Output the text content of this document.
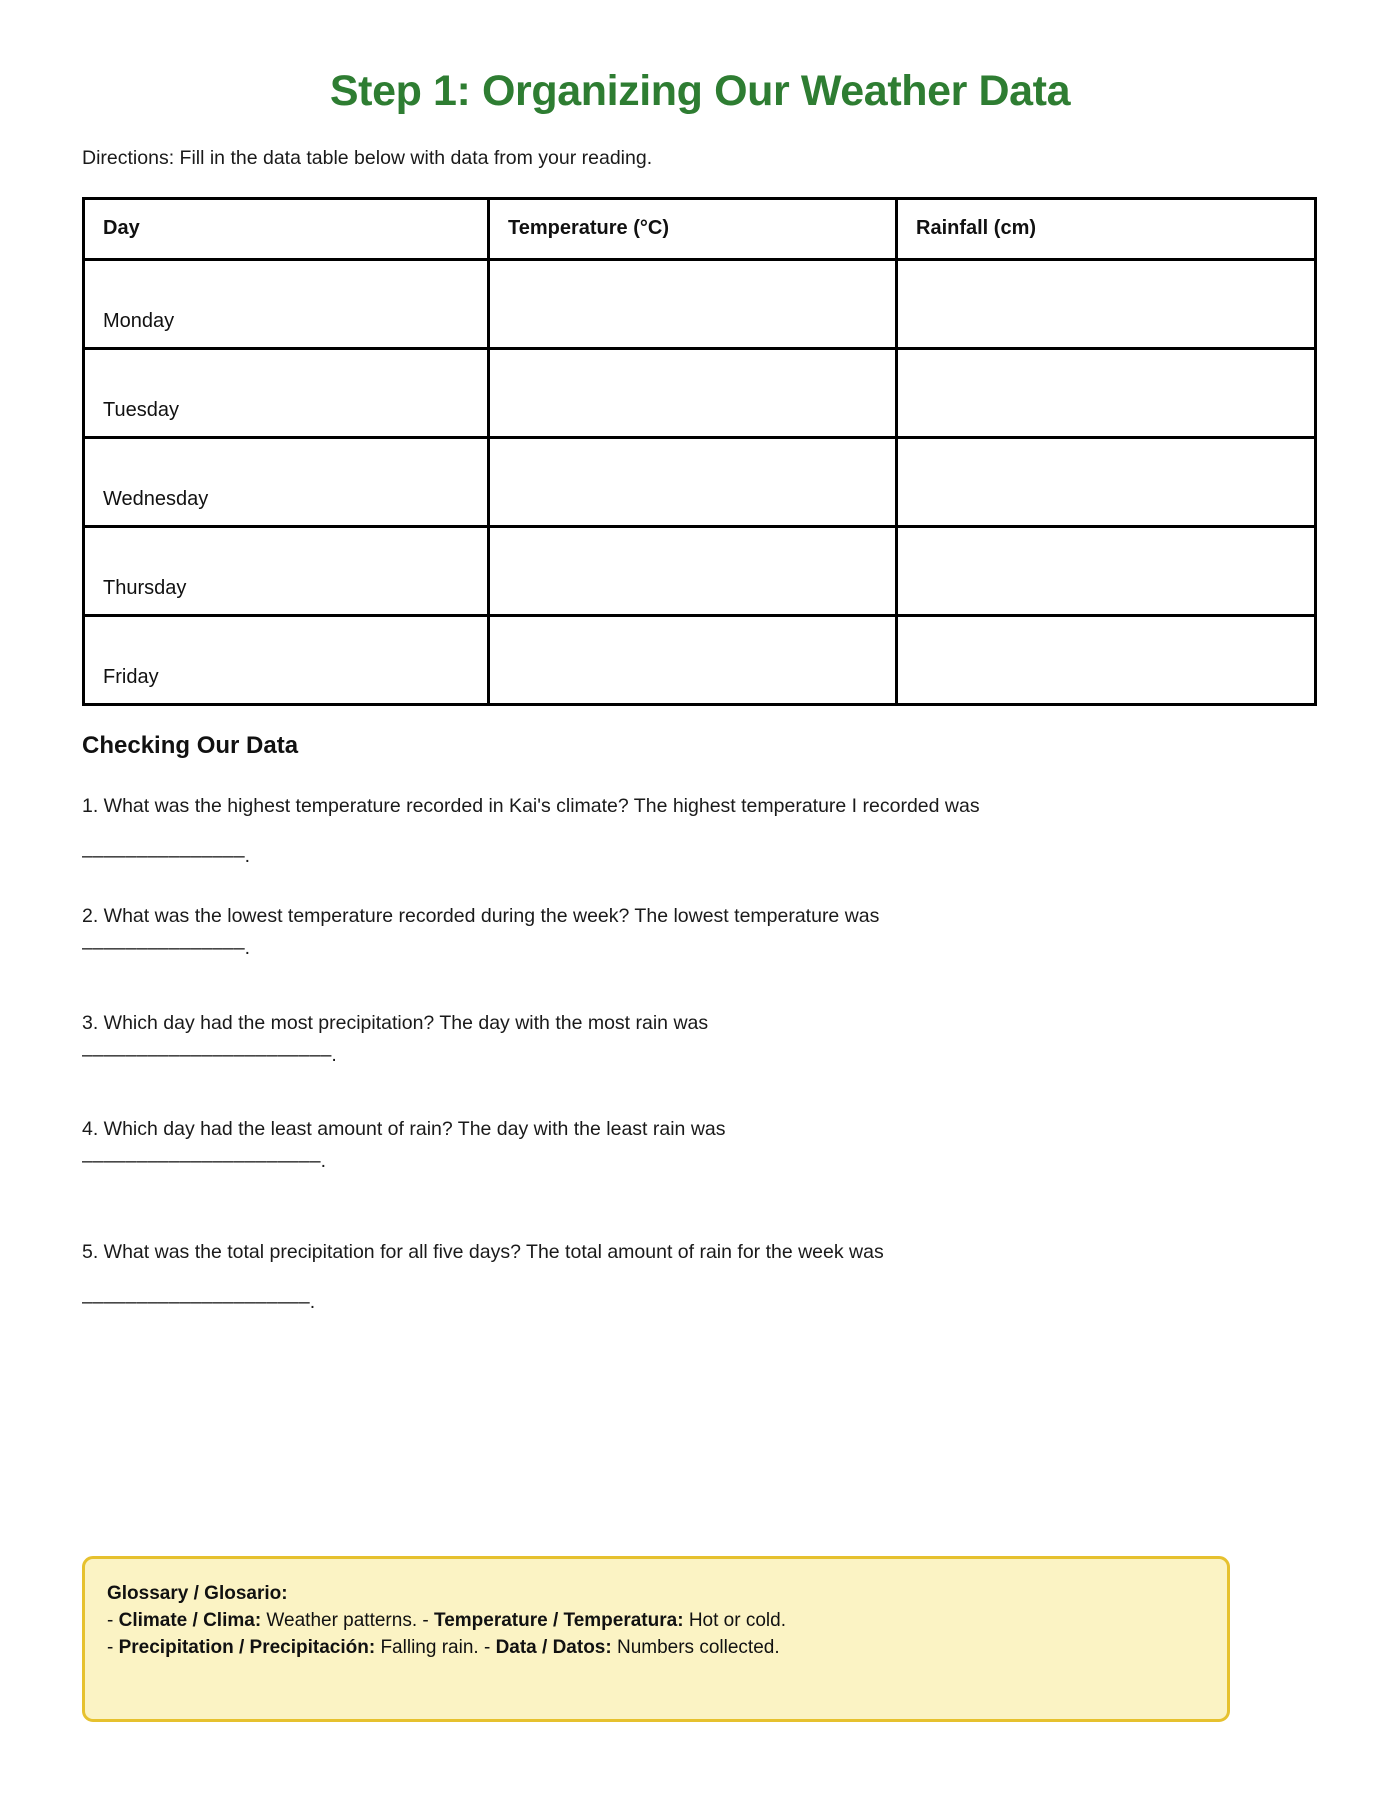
Step 1: Organizing Our Weather Data

Directions: Fill in the data table below with data from your reading.

Day	Temperature (°C)	Rainfall (cm)
Monday		
Tuesday		
Wednesday		
Thursday		
Friday		
Checking Our Data

1. What was the highest temperature recorded in Kai's climate? The highest temperature I recorded was

–––––––––––––––.

2. What was the lowest temperature recorded during the week? The lowest temperature was

–––––––––––––––.

3. Which day had the most precipitation? The day with the most rain was

–––––––––––––––––––––––.

4. Which day had the least amount of rain? The day with the least rain was

––––––––––––––––––––––.

5. What was the total precipitation for all five days? The total amount of rain for the week was

–––––––––––––––––––––.

Glossary / Glosario:

- Climate / Clima: Weather patterns. - Temperature / Temperatura: Hot or cold.

- Precipitation / Precipitación: Falling rain. - Data / Datos: Numbers collected.
